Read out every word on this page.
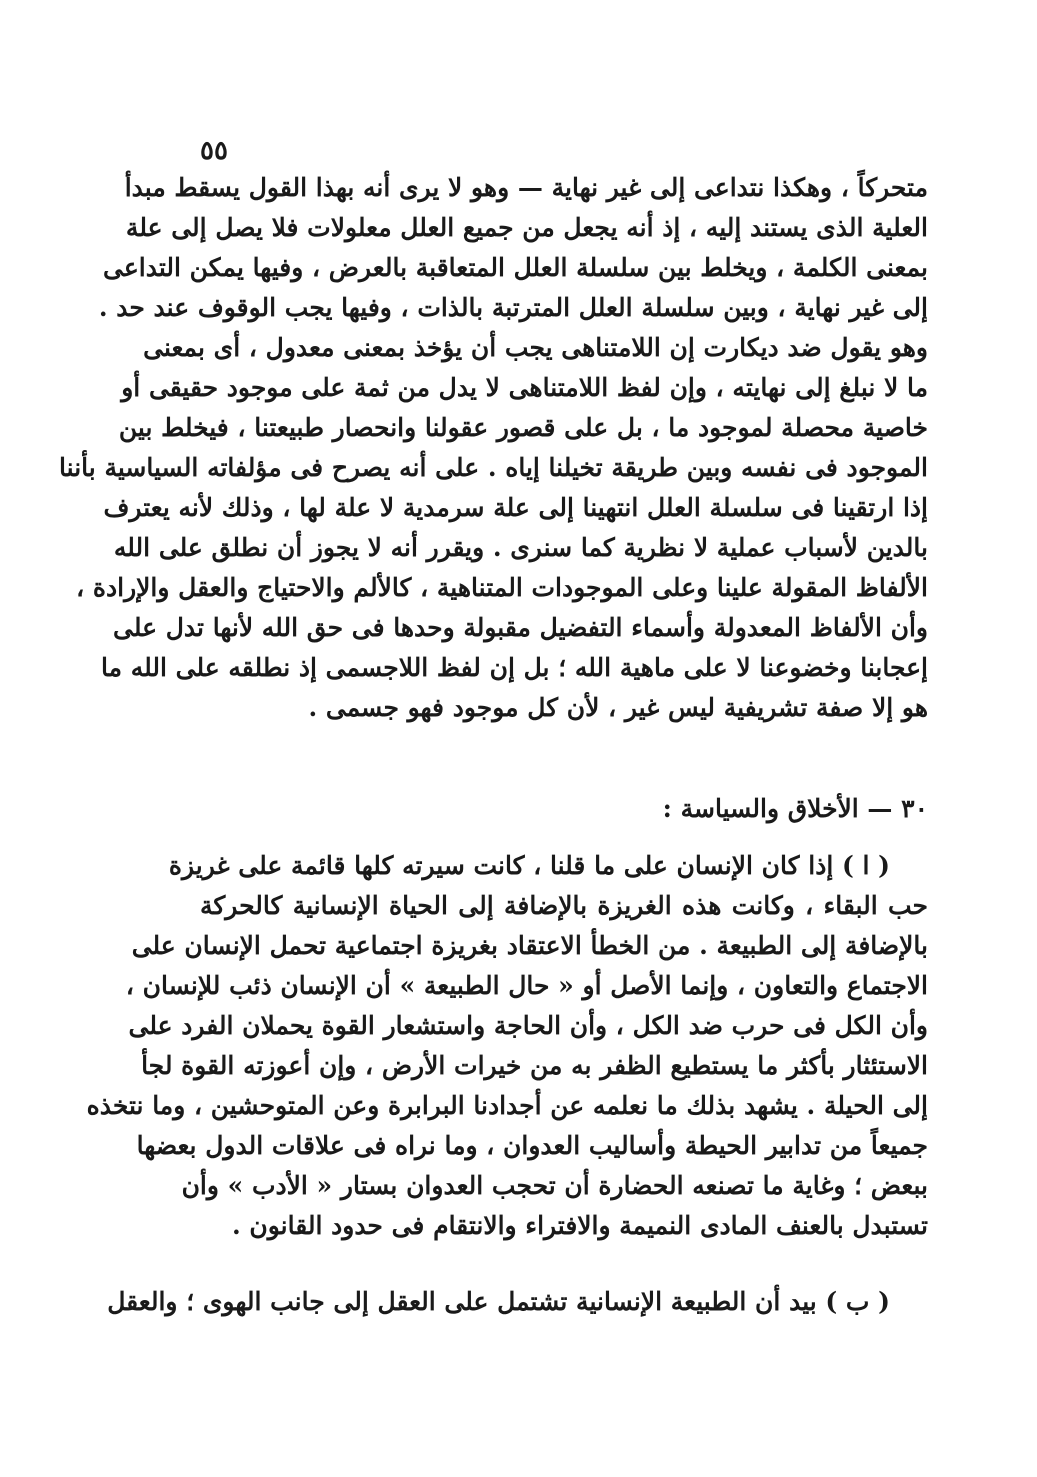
٥٥
متحركاً ، وهكذا نتداعى إلى غير نهاية — وهو لا يرى أنه بهذا القول يسقط مبدأ
العلية الذى يستند إليه ، إذ أنه يجعل من جميع العلل معلولات فلا يصل إلى علة
بمعنى الكلمة ، ويخلط بين سلسلة العلل المتعاقبة بالعرض ، وفيها يمكن التداعى
إلى غير نهاية ، وبين سلسلة العلل المترتبة بالذات ، وفيها يجب الوقوف عند حد .
وهو يقول ضد ديكارت إن اللامتناهى يجب أن يؤخذ بمعنى معدول ، أى بمعنى
ما لا نبلغ إلى نهايته ، وإن لفظ اللامتناهى لا يدل من ثمة على موجود حقيقى أو
خاصية محصلة لموجود ما ، بل على قصور عقولنا وانحصار طبيعتنا ، فيخلط بين
الموجود فى نفسه وبين طريقة تخيلنا إياه . على أنه يصرح فى مؤلفاته السياسية بأننا
إذا ارتقينا فى سلسلة العلل انتهينا إلى علة سرمدية لا علة لها ، وذلك لأنه يعترف
بالدين لأسباب عملية لا نظرية كما سنرى . ويقرر أنه لا يجوز أن نطلق على الله
الألفاظ المقولة علينا وعلى الموجودات المتناهية ، كالألم والاحتياج والعقل والإرادة ،
وأن الألفاظ المعدولة وأسماء التفضيل مقبولة وحدها فى حق الله لأنها تدل على
إعجابنا وخضوعنا لا على ماهية الله ؛ بل إن لفظ اللاجسمى إذ نطلقه على الله ما
هو إلا صفة تشريفية ليس غير ، لأن كل موجود فهو جسمى .
٣٠ — الأخلاق والسياسة :
( ا ) إذا كان الإنسان على ما قلنا ، كانت سيرته كلها قائمة على غريزة
حب البقاء ، وكانت هذه الغريزة بالإضافة إلى الحياة الإنسانية كالحركة
بالإضافة إلى الطبيعة . من الخطأ الاعتقاد بغريزة اجتماعية تحمل الإنسان على
الاجتماع والتعاون ، وإنما الأصل أو « حال الطبيعة » أن الإنسان ذئب للإنسان ،
وأن الكل فى حرب ضد الكل ، وأن الحاجة واستشعار القوة يحملان الفرد على
الاستئثار بأكثر ما يستطيع الظفر به من خيرات الأرض ، وإن أعوزته القوة لجأ
إلى الحيلة . يشهد بذلك ما نعلمه عن أجدادنا البرابرة وعن المتوحشين ، وما نتخذه
جميعاً من تدابير الحيطة وأساليب العدوان ، وما نراه فى علاقات الدول بعضها
ببعض ؛ وغاية ما تصنعه الحضارة أن تحجب العدوان بستار « الأدب » وأن
تستبدل بالعنف المادى النميمة والافتراء والانتقام فى حدود القانون .
( ب ) بيد أن الطبيعة الإنسانية تشتمل على العقل إلى جانب الهوى ؛ والعقل
